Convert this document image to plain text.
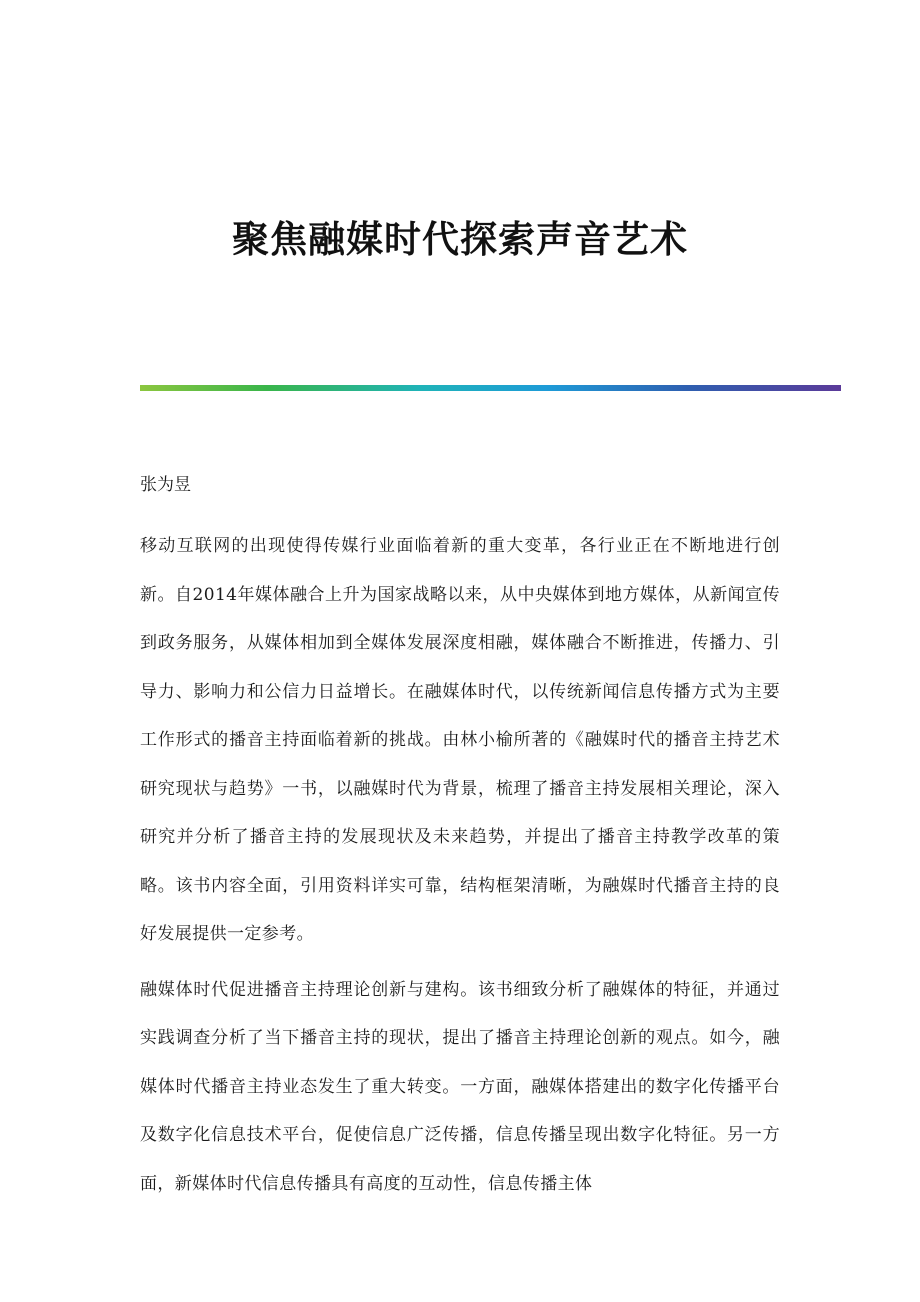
聚焦融媒时代探索声音艺术

张为昱

移动互联网的出现使得传媒行业面临着新的重大变革，各行业正在不断地进行创新。自2014年媒体融合上升为国家战略以来，从中央媒体到地方媒体，从新闻宣传到政务服务，从媒体相加到全媒体发展深度相融，媒体融合不断推进，传播力、引导力、影响力和公信力日益增长。在融媒体时代，以传统新闻信息传播方式为主要工作形式的播音主持面临着新的挑战。由林小榆所著的《融媒时代的播音主持艺术研究现状与趋势》一书，以融媒时代为背景，梳理了播音主持发展相关理论，深入研究并分析了播音主持的发展现状及未来趋势，并提出了播音主持教学改革的策略。该书内容全面，引用资料详实可靠，结构框架清晰，为融媒时代播音主持的良好发展提供一定参考。

融媒体时代促进播音主持理论创新与建构。该书细致分析了融媒体的特征，并通过实践调查分析了当下播音主持的现状，提出了播音主持理论创新的观点。如今，融媒体时代播音主持业态发生了重大转变。一方面，融媒体搭建出的数字化传播平台及数字化信息技术平台，促使信息广泛传播，信息传播呈现出数字化特征。另一方面，新媒体时代信息传播具有高度的互动性，信息传播主体
